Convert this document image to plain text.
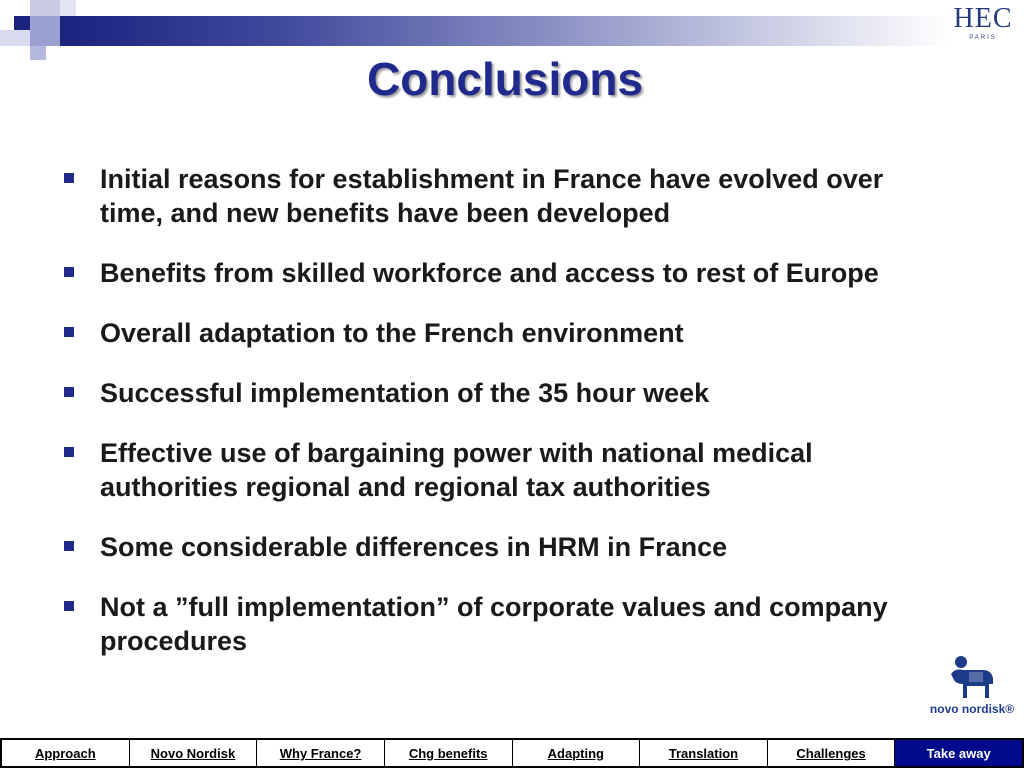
HEC
PARIS
Conclusions
Initial reasons for establishment in France have evolved over time, and new benefits have been developed
Benefits from skilled workforce and access to rest of Europe
Overall adaptation to the French environment
Successful implementation of the 35 hour week
Effective use of bargaining power with national medical authorities regional and regional tax authorities
Some considerable differences in HRM in France
Not a ”full implementation” of corporate values and company procedures
novo nordisk®
Approach	Novo Nordisk	Why France?	Chg benefits	Adapting	Translation	Challenges	Take away
